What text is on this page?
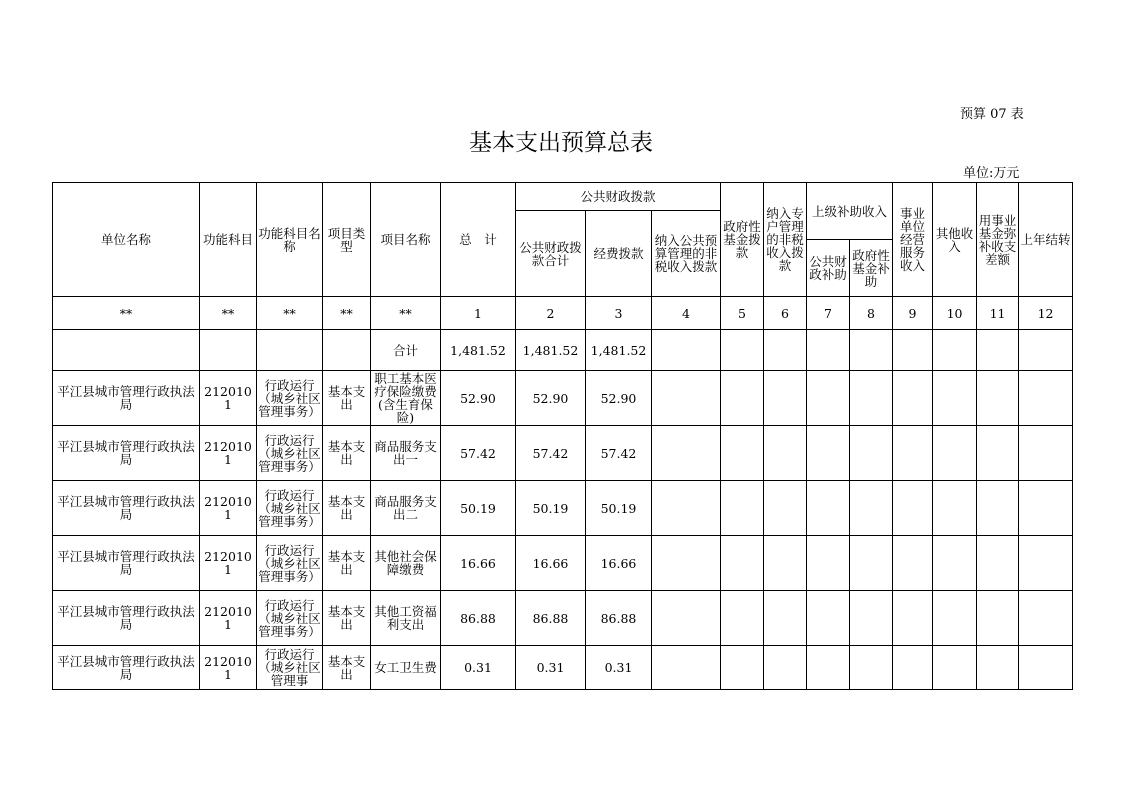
预算 07 表
基本支出预算总表
单位:万元
单位名称	功能科目	功能科目名称	项目类型	项目名称	总　计	公共财政拨款			政府性基金拨款	纳入专户管理的非税收入拨款	上级补助收入		事业单位经营服务收入	其他收入	用事业基金弥补收支差额	上年结转
						公共财政拨款合计	经费拨款	纳入公共预算管理的非税收入拨款								
											公共财政补助	政府性基金补助				
**	**	**	**	**	1	2	3	4	5	6	7	8	9	10	11	12
				合计	1,481.52	1,481.52	1,481.52									
平江县城市管理行政执法局	2120101	行政运行（城乡社区管理事务）	基本支出	职工基本医疗保险缴费(含生育保险)	52.90	52.90	52.90									
平江县城市管理行政执法局	2120101	行政运行（城乡社区管理事务）	基本支出	商品服务支出一	57.42	57.42	57.42									
平江县城市管理行政执法局	2120101	行政运行（城乡社区管理事务）	基本支出	商品服务支出二	50.19	50.19	50.19									
平江县城市管理行政执法局	2120101	行政运行（城乡社区管理事务）	基本支出	其他社会保障缴费	16.66	16.66	16.66									
平江县城市管理行政执法局	2120101	行政运行（城乡社区管理事务）	基本支出	其他工资福利支出	86.88	86.88	86.88									
平江县城市管理行政执法局	2120101	行政运行（城乡社区管理事	基本支出	女工卫生费	0.31	0.31	0.31									
